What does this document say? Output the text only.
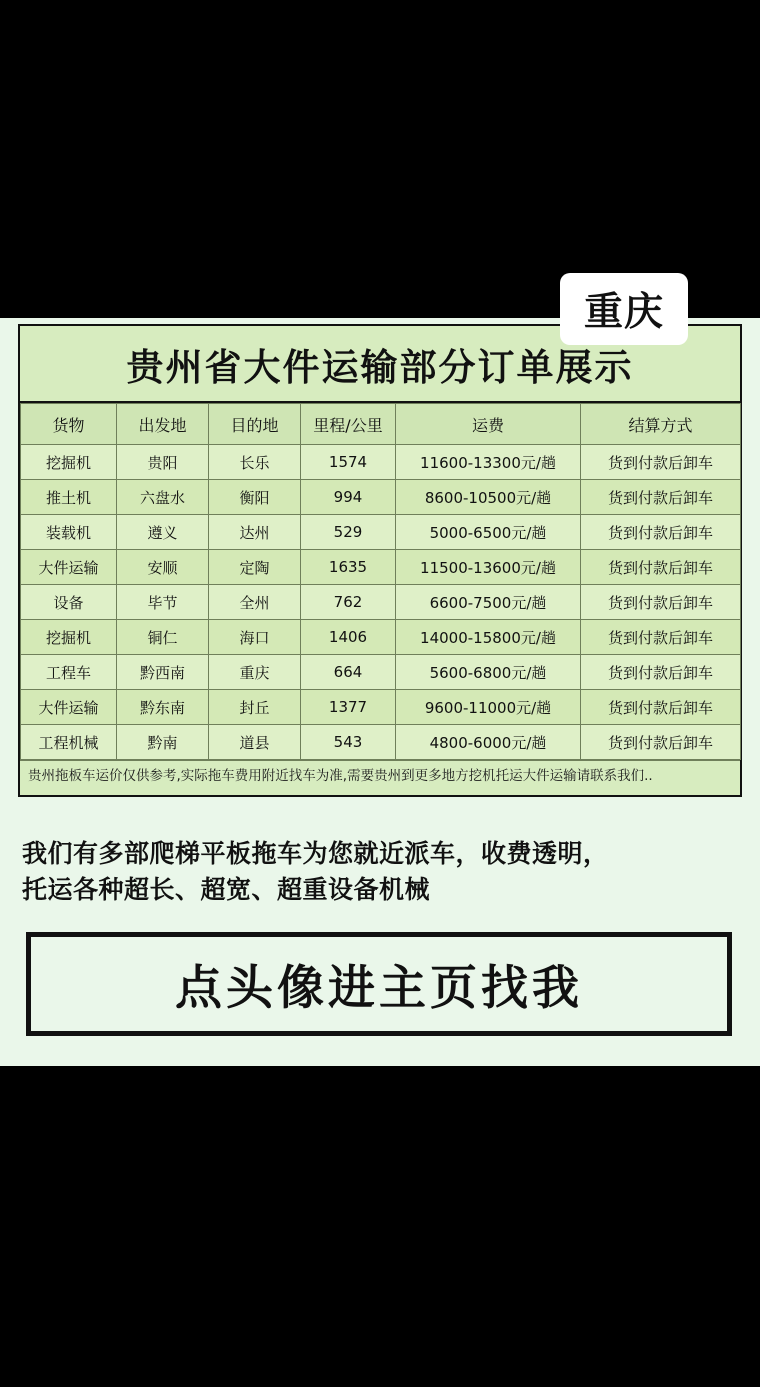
重庆
贵州省大件运输部分订单展示
货物	出发地	目的地	里程/公里	运费	结算方式
挖掘机	贵阳	长乐	1574	11600-13300元/趟	货到付款后卸车
推土机	六盘水	衡阳	994	8600-10500元/趟	货到付款后卸车
装载机	遵义	达州	529	5000-6500元/趟	货到付款后卸车
大件运输	安顺	定陶	1635	11500-13600元/趟	货到付款后卸车
设备	毕节	全州	762	6600-7500元/趟	货到付款后卸车
挖掘机	铜仁	海口	1406	14000-15800元/趟	货到付款后卸车
工程车	黔西南	重庆	664	5600-6800元/趟	货到付款后卸车
大件运输	黔东南	封丘	1377	9600-11000元/趟	货到付款后卸车
工程机械	黔南	道县	543	4800-6000元/趟	货到付款后卸车
贵州拖板车运价仅供参考,实际拖车费用附近找车为准,需要贵州到更多地方挖机托运大件运输请联系我们..
我们有多部爬梯平板拖车为您就近派车，收费透明，
托运各种超长、超宽、超重设备机械
点头像进主页找我
